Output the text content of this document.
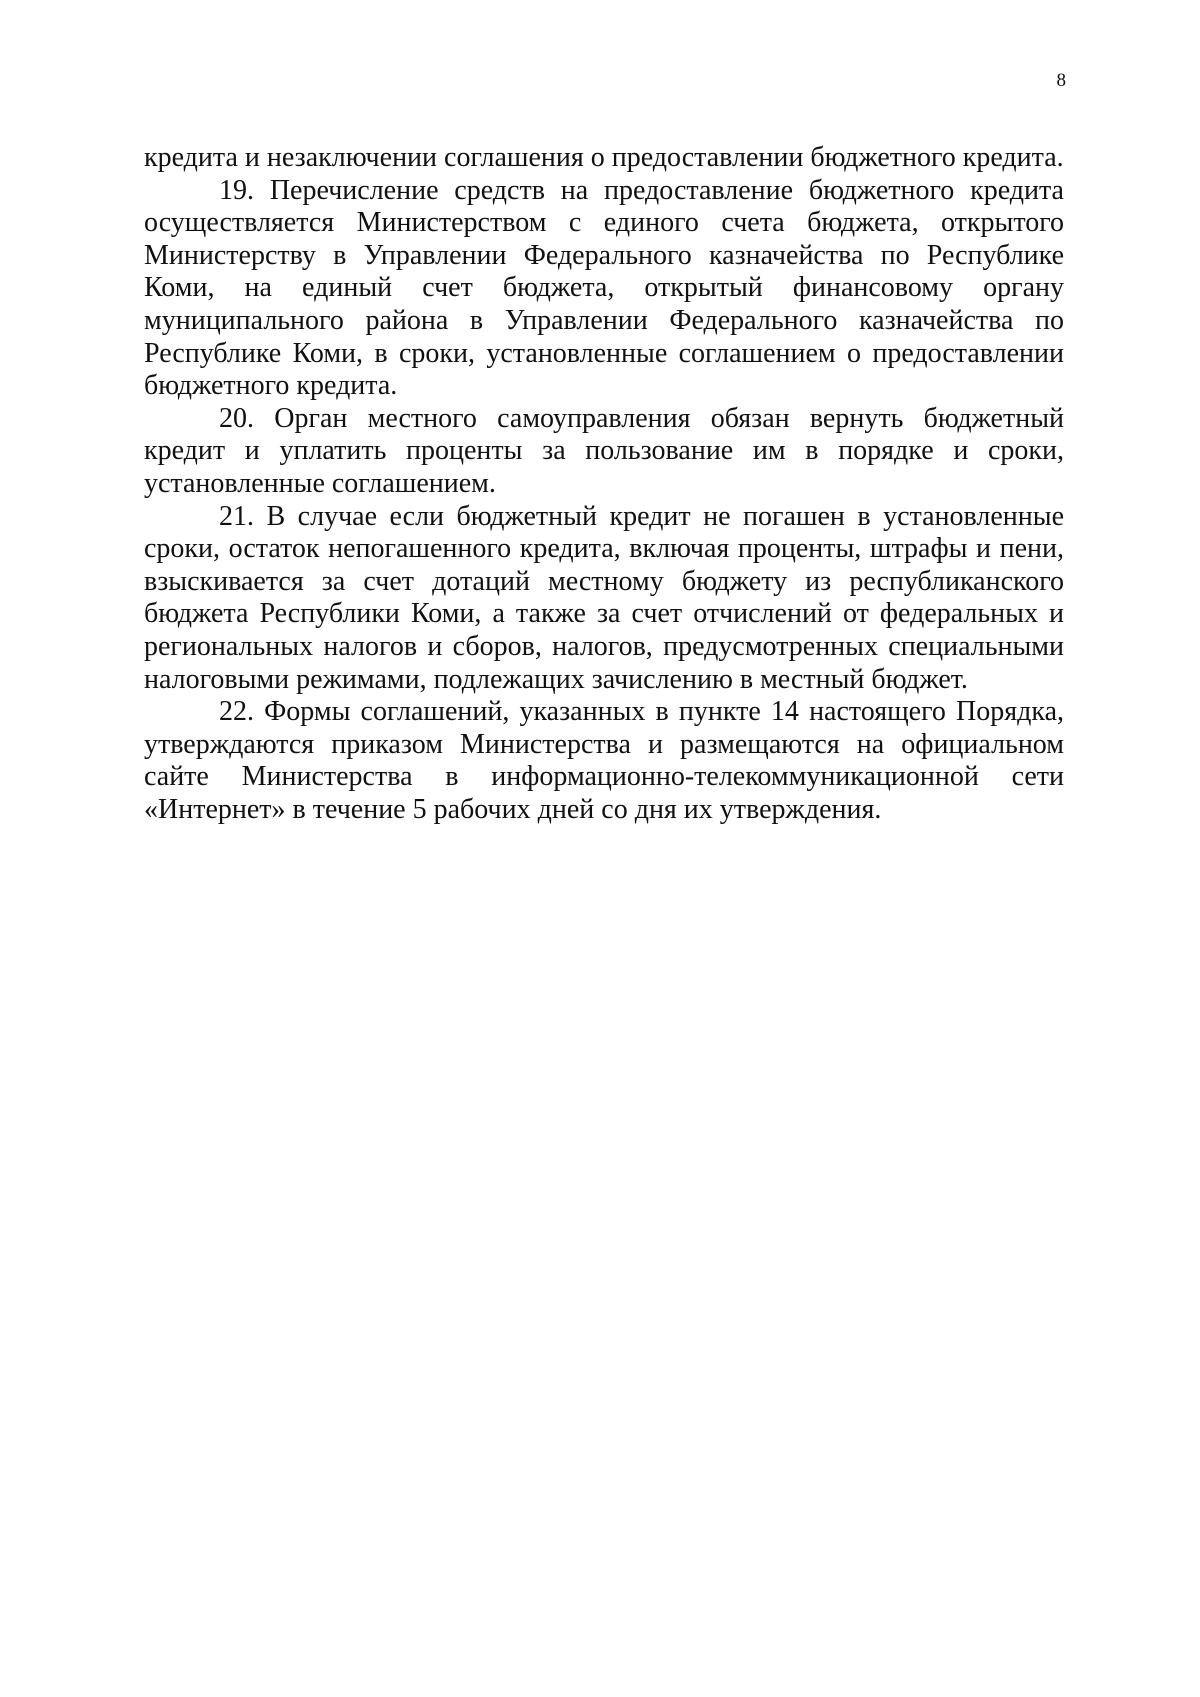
8

кредита и незаключении соглашения о предоставлении бюджетного кредита.

19. Перечисление средств на предоставление бюджетного кредита осуществляется Министерством с единого счета бюджета, открытого Министерству в Управлении Федерального казначейства по Республике Коми, на единый счет бюджета, открытый финансовому органу муниципального района в Управлении Федерального казначейства по Республике Коми, в сроки, установленные соглашением о предоставлении бюджетного кредита.

20. Орган местного самоуправления обязан вернуть бюджетный кредит и уплатить проценты за пользование им в порядке и сроки, установленные соглашением.

21. В случае если бюджетный кредит не погашен в установленные сроки, остаток непогашенного кредита, включая проценты, штрафы и пени, взыскивается за счет дотаций местному бюджету из республиканского бюджета Республики Коми, а также за счет отчислений от федеральных и региональных налогов и сборов, налогов, предусмотренных специальными налоговыми режимами, подлежащих зачислению в местный бюджет.

22. Формы соглашений, указанных в пункте 14 настоящего Порядка, утверждаются приказом Министерства и размещаются на официальном сайте Министерства в информационно-телекоммуникационной сети «Интернет» в течение 5 рабочих дней со дня их утверждения.
